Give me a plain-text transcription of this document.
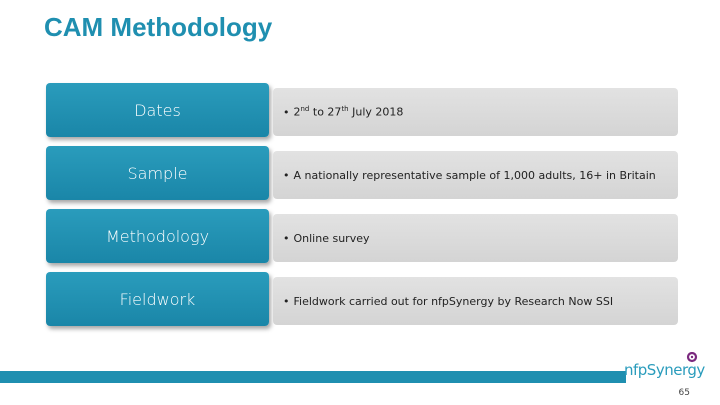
CAM Methodology
Dates	• 2nd to 27th July 2018
Sample	• A nationally representative sample of 1,000 adults, 16+ in Britain
Methodology	• Online survey
Fieldwork	• Fieldwork carried out for nfpSynergy by Research Now SSI
nfpSynergy
65
